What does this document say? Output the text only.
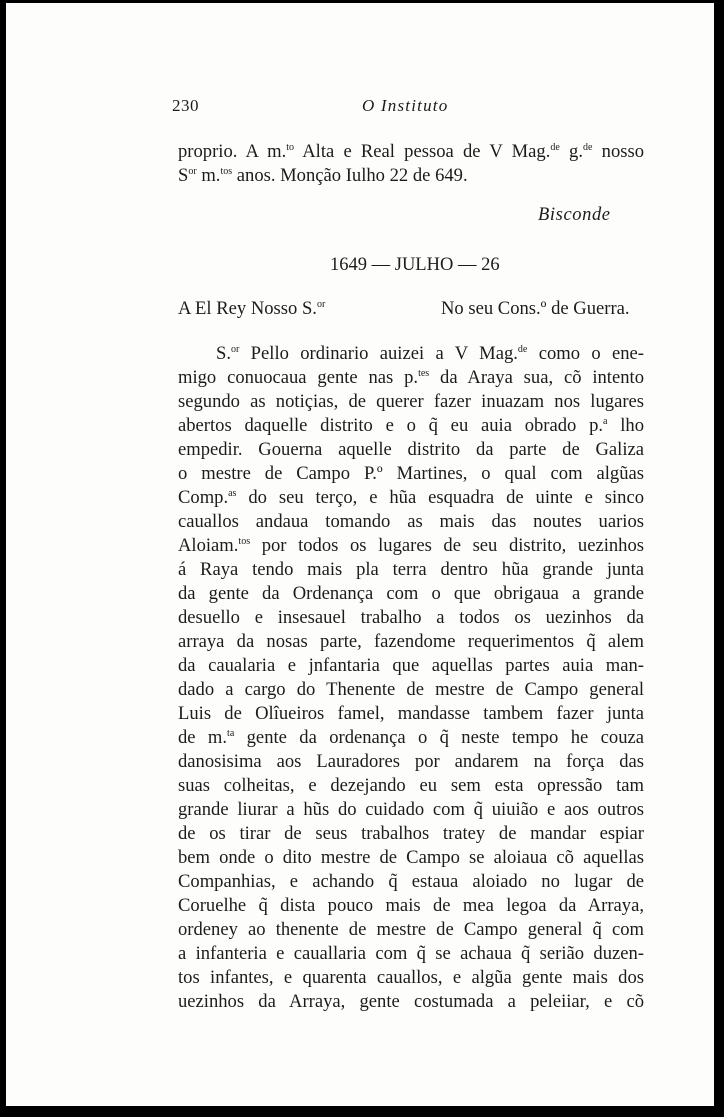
230	O Instituto
proprio. A m.$^{to}$ Alta e Real pessoa de V Mag.$^{de}$ g.$^{de}$ nosso
$S^{or}$ m.$^{tos}$ anos. Monção Iulho 22 de 649.
Bisconde
1649 — JULHO — 26
A El Rey Nosso S.$^{or}$	No seu Cons.º de Guerra.
S.$^{or}$ Pello ordinario auizei a V Mag.$^{de}$ como o ene-
migo conuocaua gente nas p.$^{tes}$ da Araya sua, cõ intento
segundo as notiçias, de querer fazer inuazam nos lugares
abertos daquelle distrito e o q̃ eu auia obrado p.$^a$ lho
empedir. Gouerna aquelle distrito da parte de Galiza
o mestre de Campo P.º Martines, o qual com algũas
Comp.$^{as}$ do seu terço, e hũa esquadra de uinte e sinco
cauallos andaua tomando as mais das noutes uarios
Aloiam.$^{tos}$ por todos os lugares de seu distrito, uezinhos
á Raya tendo mais pla terra dentro hũa grande junta
da gente da Ordenança com o que obrigaua a grande
desuello e insesauel trabalho a todos os uezinhos da
arraya da nosas parte, fazendome requerimentos q̃ alem
da caualaria e jnfantaria que aquellas partes auia man-
dado a cargo do Thenente de mestre de Campo general
Luis de Olîueiros famel, mandasse tambem fazer junta
de m.$^{ta}$ gente da ordenança o q̃ neste tempo he couza
danosisima aos Lauradores por andarem na força das
suas colheitas, e dezejando eu sem esta opressão tam
grande liurar a hũs do cuidado com q̃ uiuião e aos outros
de os tirar de seus trabalhos tratey de mandar espiar
bem onde o dito mestre de Campo se aloiaua cõ aquellas
Companhias, e achando q̃ estaua aloiado no lugar de
Coruelhe q̃ dista pouco mais de mea legoa da Arraya,
ordeney ao thenente de mestre de Campo general q̃ com
a infanteria e cauallaria com q̃ se achaua q̃ serião duzen-
tos infantes, e quarenta cauallos, e algũa gente mais dos
uezinhos da Arraya, gente costumada a peleiiar, e cõ
